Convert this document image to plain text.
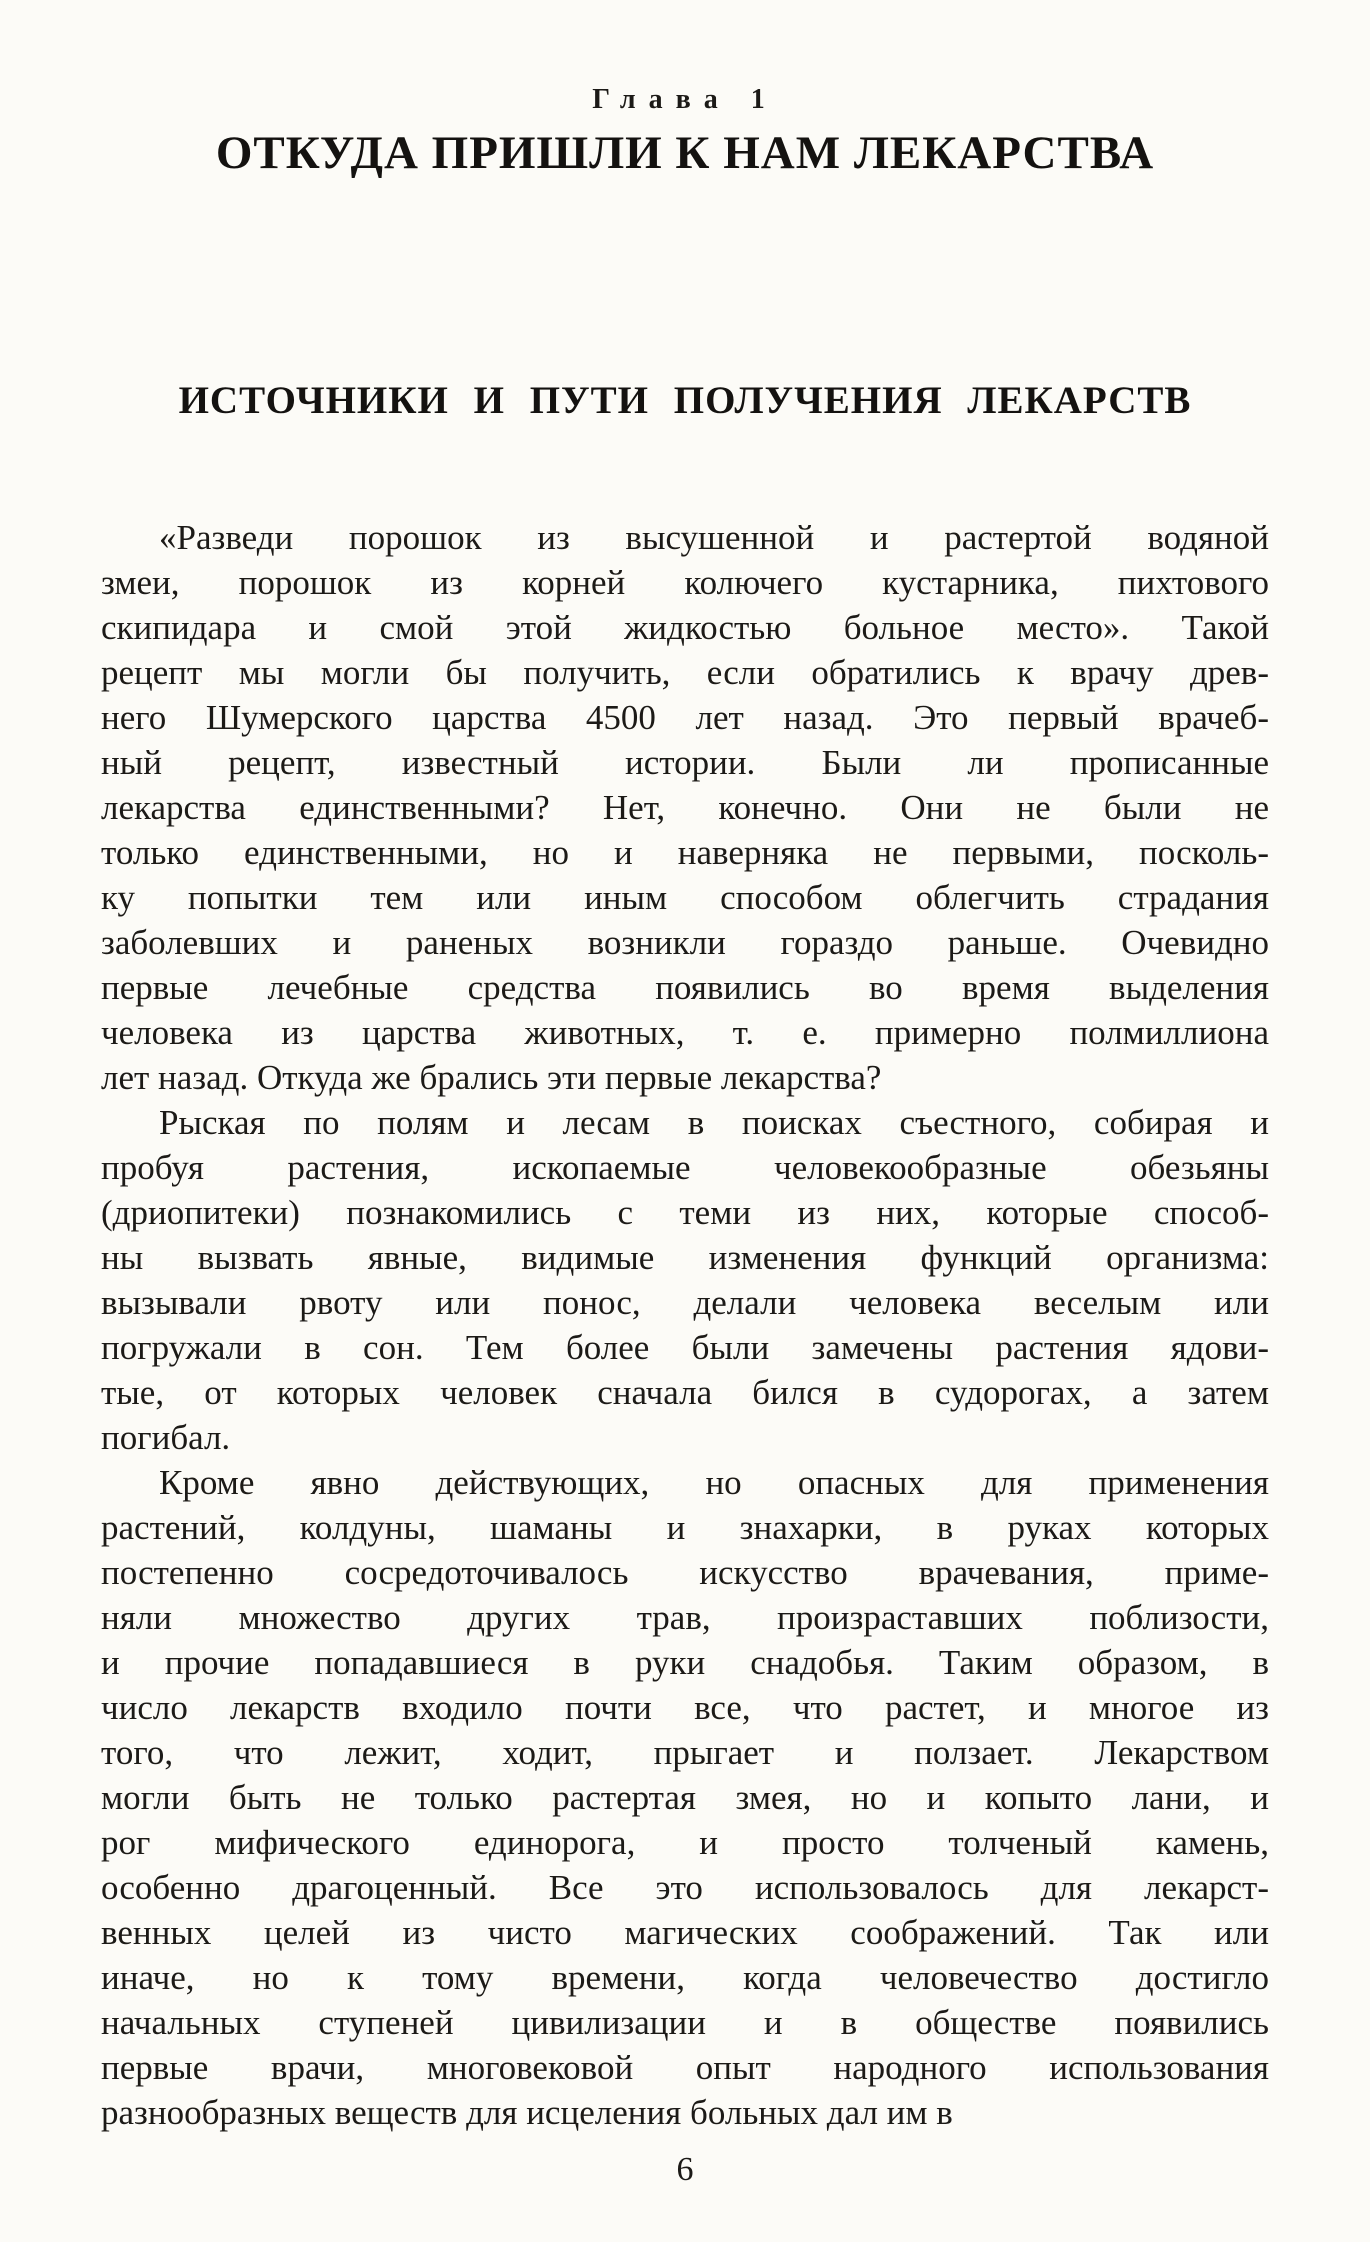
Глава 1
ОТКУДА ПРИШЛИ К НАМ ЛЕКАРСТВА
ИСТОЧНИКИ И ПУТИ ПОЛУЧЕНИЯ ЛЕКАРСТВ
«Разведи порошок из высушенной и растертой водяной
змеи, порошок из корней колючего кустарника, пихтового
скипидара и смой этой жидкостью больное место». Такой
рецепт мы могли бы получить, если обратились к врачу древ-
него Шумерского царства 4500 лет назад. Это первый врачеб-
ный рецепт, известный истории. Были ли прописанные
лекарства единственными? Нет, конечно. Они не были не
только единственными, но и наверняка не первыми, посколь-
ку попытки тем или иным способом облегчить страдания
заболевших и раненых возникли гораздо раньше. Очевидно
первые лечебные средства появились во время выделения
человека из царства животных, т. е. примерно полмиллиона
лет назад. Откуда же брались эти первые лекарства?
Рыская по полям и лесам в поисках съестного, собирая и
пробуя растения, ископаемые человекообразные обезьяны
(дриопитеки) познакомились с теми из них, которые способ-
ны вызвать явные, видимые изменения функций организма:
вызывали рвоту или понос, делали человека веселым или
погружали в сон. Тем более были замечены растения ядови-
тые, от которых человек сначала бился в судорогах, а затем
погибал.
Кроме явно действующих, но опасных для применения
растений, колдуны, шаманы и знахарки, в руках которых
постепенно сосредоточивалось искусство врачевания, приме-
няли множество других трав, произраставших поблизости,
и прочие попадавшиеся в руки снадобья. Таким образом, в
число лекарств входило почти все, что растет, и многое из
того, что лежит, ходит, прыгает и ползает. Лекарством
могли быть не только растертая змея, но и копыто лани, и
рог мифического единорога, и просто толченый камень,
особенно драгоценный. Все это использовалось для лекарст-
венных целей из чисто магических соображений. Так или
иначе, но к тому времени, когда человечество достигло
начальных ступеней цивилизации и в обществе появились
первые врачи, многовековой опыт народного использования
разнообразных веществ для исцеления больных дал им в
6
